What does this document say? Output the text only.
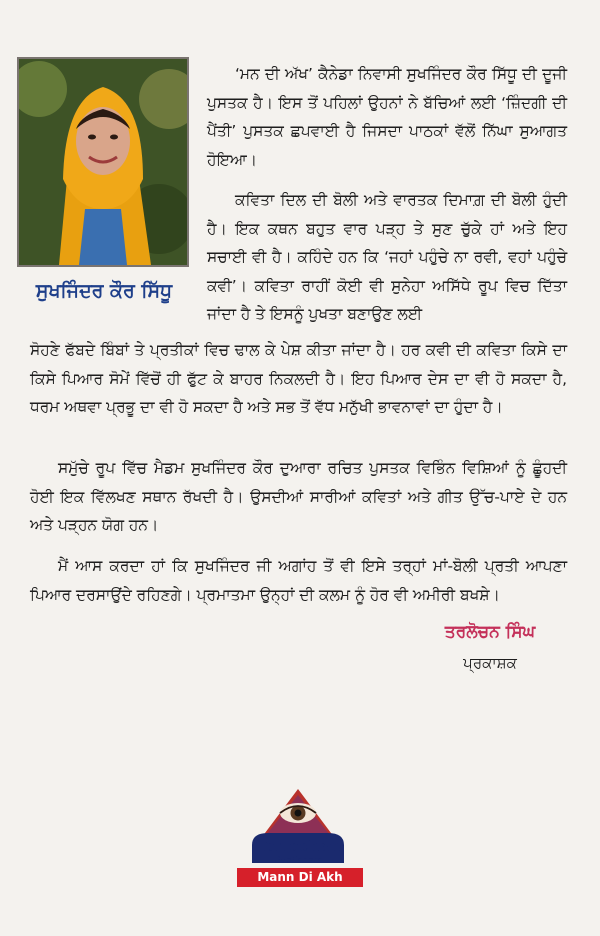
ਸੁਖਜਿੰਦਰ ਕੌਰ ਸਿੱਧੂ

‘ਮਨ ਦੀ ਅੱਖ’ ਕੈਨੇਡਾ ਨਿਵਾਸੀ ਸੁਖਜਿੰਦਰ ਕੌਰ ਸਿੱਧੂ ਦੀ ਦੂਜੀ ਪੁਸਤਕ ਹੈ। ਇਸ ਤੋਂ ਪਹਿਲਾਂ ਉਹਨਾਂ ਨੇ ਬੱਚਿਆਂ ਲਈ ‘ਜ਼ਿੰਦਗੀ ਦੀ ਪੈਂਤੀ’ ਪੁਸਤਕ ਛਪਵਾਈ ਹੈ ਜਿਸਦਾ ਪਾਠਕਾਂ ਵੱਲੋਂ ਨਿੱਘਾ ਸੁਆਗਤ ਹੋਇਆ।

ਕਵਿਤਾ ਦਿਲ ਦੀ ਬੋਲੀ ਅਤੇ ਵਾਰਤਕ ਦਿਮਾਗ਼ ਦੀ ਬੋਲੀ ਹੁੰਦੀ ਹੈ। ਇਕ ਕਥਨ ਬਹੁਤ ਵਾਰ ਪੜ੍ਹ ਤੇ ਸੁਣ ਚੁੱਕੇ ਹਾਂ ਅਤੇ ਇਹ ਸਚਾਈ ਵੀ ਹੈ। ਕਹਿੰਦੇ ਹਨ ਕਿ ‘ਜਹਾਂ ਪਹੁੰਚੇ ਨਾ ਰਵੀ, ਵਹਾਂ ਪਹੁੰਚੇ ਕਵੀ’। ਕਵਿਤਾ ਰਾਹੀਂ ਕੋਈ ਵੀ ਸੁਨੇਹਾ ਅਸਿੱਧੇ ਰੂਪ ਵਿਚ ਦਿੱਤਾ ਜਾਂਦਾ ਹੈ ਤੇ ਇਸਨੂੰ ਪੁਖਤਾ ਬਣਾਉਣ ਲਈ

ਸੋਹਣੇ ਫੱਬਦੇ ਬਿੰਬਾਂ ਤੇ ਪ੍ਰਤੀਕਾਂ ਵਿਚ ਢਾਲ ਕੇ ਪੇਸ਼ ਕੀਤਾ ਜਾਂਦਾ ਹੈ। ਹਰ ਕਵੀ ਦੀ ਕਵਿਤਾ ਕਿਸੇ ਦਾ ਕਿਸੇ ਪਿਆਰ ਸੋਮੇਂ ਵਿੱਚੋਂ ਹੀ ਫੁੱਟ ਕੇ ਬਾਹਰ ਨਿਕਲਦੀ ਹੈ। ਇਹ ਪਿਆਰ ਦੇਸ ਦਾ ਵੀ ਹੋ ਸਕਦਾ ਹੈ, ਧਰਮ ਅਥਵਾ ਪ੍ਰਭੂ ਦਾ ਵੀ ਹੋ ਸਕਦਾ ਹੈ ਅਤੇ ਸਭ ਤੋਂ ਵੱਧ ਮਨੁੱਖੀ ਭਾਵਨਾਵਾਂ ਦਾ ਹੁੰਦਾ ਹੈ।

ਸਮੁੱਚੇ ਰੂਪ ਵਿੱਚ ਮੈਡਮ ਸੁਖਜਿੰਦਰ ਕੌਰ ਦੁਆਰਾ ਰਚਿਤ ਪੁਸਤਕ ਵਿਭਿੰਨ ਵਿਸ਼ਿਆਂ ਨੂੰ ਛੂੰਹਦੀ ਹੋਈ ਇਕ ਵਿੱਲਖਣ ਸਥਾਨ ਰੱਖਦੀ ਹੈ। ਉਸਦੀਆਂ ਸਾਰੀਆਂ ਕਵਿਤਾਂ ਅਤੇ ਗੀਤ ਉੱਚ-ਪਾਏ ਦੇ ਹਨ ਅਤੇ ਪੜ੍ਹਨ ਯੋਗ ਹਨ।

ਮੈਂ ਆਸ ਕਰਦਾ ਹਾਂ ਕਿ ਸੁਖਜਿੰਦਰ ਜੀ ਅਗਾਂਹ ਤੋਂ ਵੀ ਇਸੇ ਤਰ੍ਹਾਂ ਮਾਂ-ਬੋਲੀ ਪ੍ਰਤੀ ਆਪਣਾ ਪਿਆਰ ਦਰਸਾਉਂਦੇ ਰਹਿਣਗੇ। ਪ੍ਰਮਾਤਮਾ ਉਨ੍ਹਾਂ ਦੀ ਕਲਮ ਨੂੰ ਹੋਰ ਵੀ ਅਮੀਰੀ ਬਖਸ਼ੇ।

ਤਰਲੋਚਨ ਸਿੰਘ
ਪ੍ਰਕਾਸ਼ਕ
Tarlochan
Publishers
Mann Di Akh
